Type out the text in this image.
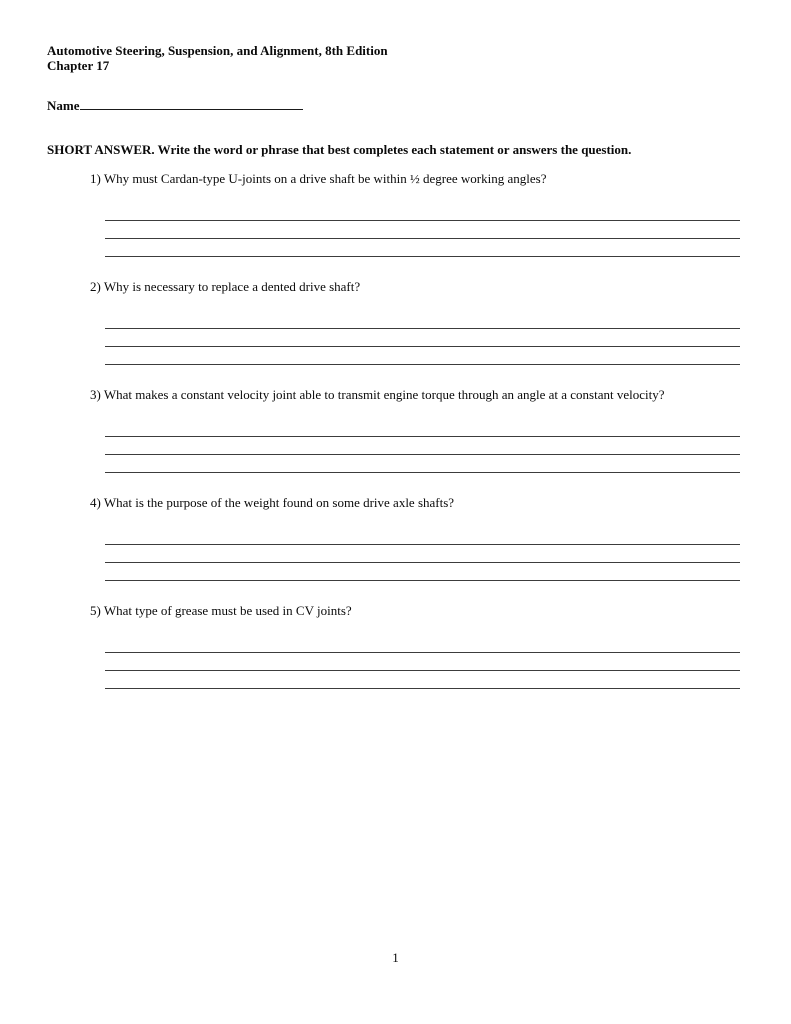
Automotive Steering, Suspension, and Alignment, 8th Edition
Chapter 17
Name
SHORT ANSWER. Write the word or phrase that best completes each statement or answers the question.
1) Why must Cardan-type U-joints on a drive shaft be within ½ degree working angles?
2) Why is necessary to replace a dented drive shaft?
3) What makes a constant velocity joint able to transmit engine torque through an angle at a constant velocity?
4) What is the purpose of the weight found on some drive axle shafts?
5) What type of grease must be used in CV joints?
1
